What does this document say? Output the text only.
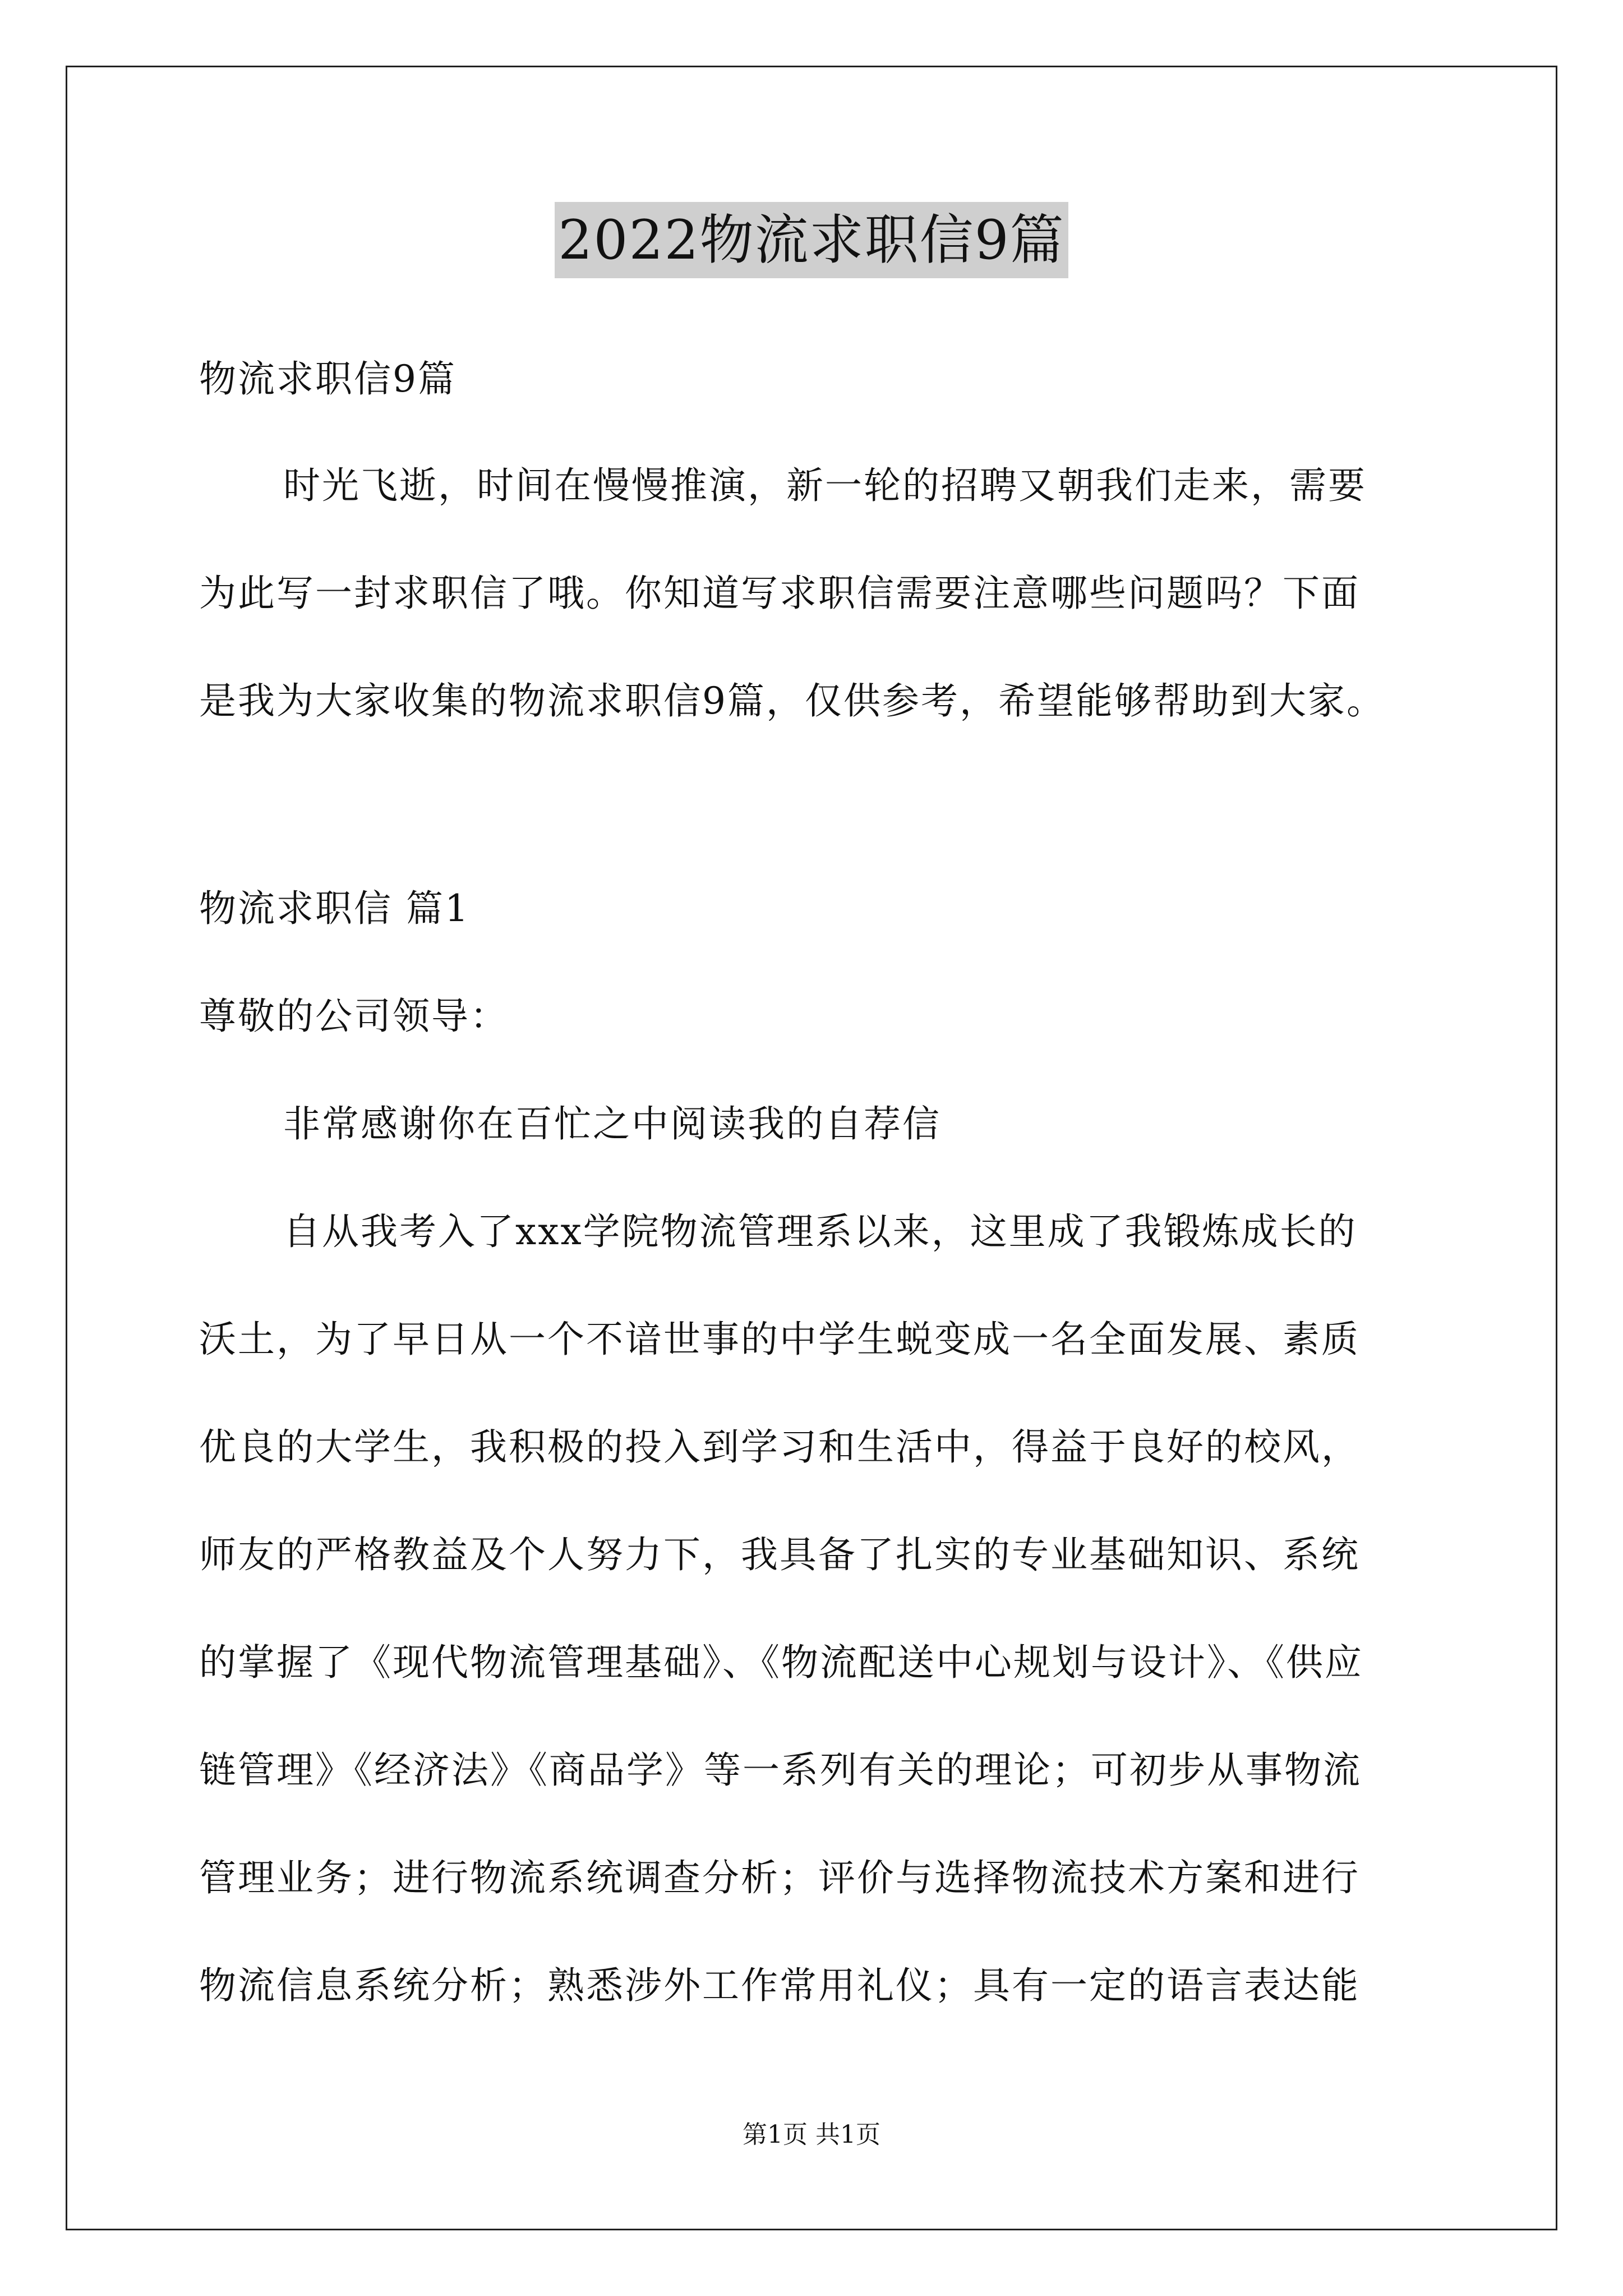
2022物流求职信9篇
物流求职信9篇
时光飞逝，时间在慢慢推演，新一轮的招聘又朝我们走来，需要
为此写一封求职信了哦。你知道写求职信需要注意哪些问题吗？下面
是我为大家收集的物流求职信9篇，仅供参考，希望能够帮助到大家。
物流求职信 篇1
尊敬的公司领导：
非常感谢你在百忙之中阅读我的自荐信
自从我考入了xxx学院物流管理系以来，这里成了我锻炼成长的
沃土，为了早日从一个不谙世事的中学生蜕变成一名全面发展、素质
优良的大学生，我积极的投入到学习和生活中，得益于良好的校风，
师友的严格教益及个人努力下，我具备了扎实的专业基础知识、系统
的掌握了《现代物流管理基础》、《物流配送中心规划与设计》、《供应
链管理》《经济法》《商品学》等一系列有关的理论；可初步从事物流
管理业务；进行物流系统调查分析；评价与选择物流技术方案和进行
物流信息系统分析；熟悉涉外工作常用礼仪；具有一定的语言表达能
第1页 共1页
